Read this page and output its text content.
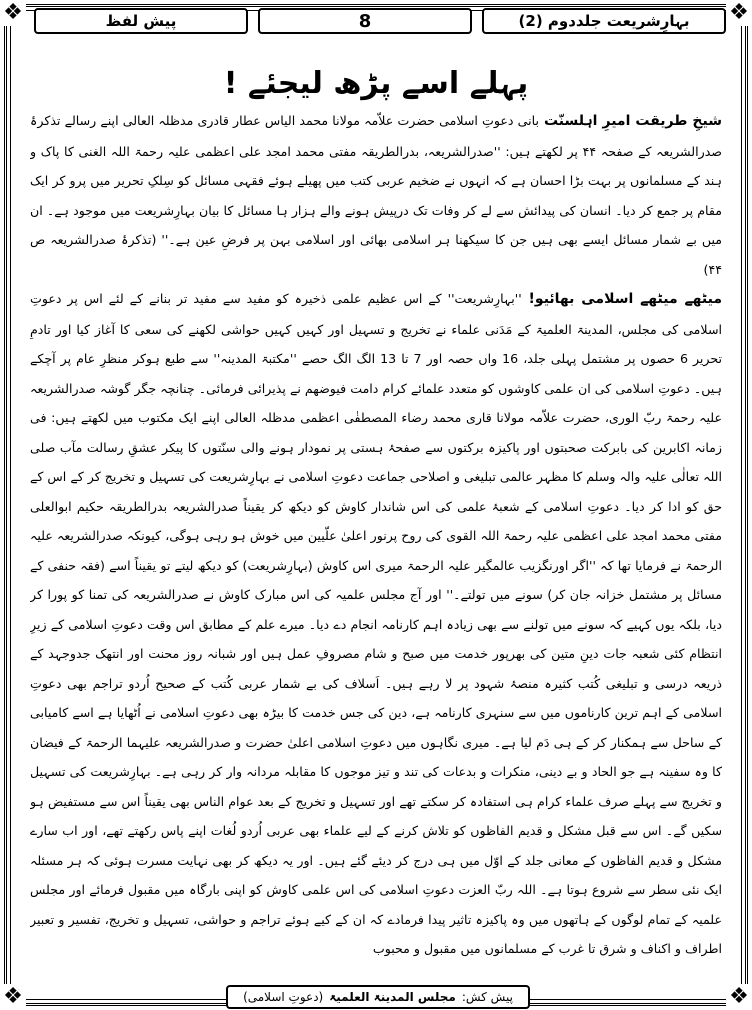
❖	❖
❖	❖
بہارِشریعت جلددوم (2)
8
پیش لفظ
پہلے اسے پڑھ لیجئے !

شیخِ طریقت امیرِ اہلسنّت بانی دعوتِ اسلامی حضرت علاّمہ مولانا محمد الیاس عطار قادری مدظلہ العالی اپنے رسالے تذکرۂ صدرالشریعہ کے صفحہ ۴۴ پر لکھتے ہیں: ''صدرالشریعہ، بدرالطریقہ مفتی محمد امجد علی اعظمی علیہ رحمۃ اللہ الغنی کا پاک و ہند کے مسلمانوں پر بہت بڑا احسان ہے کہ انہوں نے ضخیم عربی کتب میں پھیلے ہوئے فقہی مسائل کو سِلکِ تحریر میں پرو کر ایک مقام پر جمع کر دیا۔ انسان کی پیدائش سے لے کر وفات تک درپیش ہونے والے ہزار ہا مسائل کا بیان بہارِشریعت میں موجود ہے۔ ان میں بے شمار مسائل ایسے بھی ہیں جن کا سیکھنا ہر اسلامی بھائی اور اسلامی بہن پر فرضِ عین ہے۔'' (تذکرۂ صدرالشریعہ ص ۴۴)

میٹھے میٹھے اسلامی بھائیو! ''بہارِشریعت'' کے اس عظیم علمی ذخیرہ کو مفید سے مفید تر بنانے کے لئے اس پر دعوتِ اسلامی کی مجلس، المدینۃ العلمیۃ کے مَدَنی علماء نے تخریج و تسہیل اور کہیں کہیں حواشی لکھنے کی سعی کا آغاز کیا اور تادمِ تحریر 6 حصوں پر مشتمل پہلی جلد، 16 واں حصہ اور 7 تا 13 الگ الگ حصے ''مکتبۃ المدینہ'' سے طبع ہوکر منظرِ عام پر آچکے ہیں۔ دعوتِ اسلامی کی ان علمی کاوشوں کو متعدد علمائے کرام دامت فیوضھم نے پذیرائی فرمائی۔ چنانچہ جگر گوشہ صدرالشریعہ علیہ رحمۃ ربّ الوری، حضرت علاّمہ مولانا قاری محمد رضاء المصطفٰی اعظمی مدظلہ العالی اپنے ایک مکتوب میں لکھتے ہیں: فی زمانہ اکابرین کی بابرکت صحبتوں اور پاکیزہ برکتوں سے صفحۂ ہستی پر نمودار ہونے والی سنّتوں کا پیکر عشقِ رسالت مآب صلی اللہ تعالٰی علیہ والہ وسلم کا مظہر عالمی تبلیغی و اصلاحی جماعت دعوتِ اسلامی نے بہارِشریعت کی تسہیل و تخریج کر کے اس کے حق کو ادا کر دیا۔ دعوتِ اسلامی کے شعبۂ علمی کی اس شاندار کاوش کو دیکھ کر یقیناً صدرالشریعہ بدرالطریقہ حکیم ابوالعلی مفتی محمد امجد علی اعظمی علیہ رحمۃ اللہ القوی کی روح پرنور اعلیٰ علّیین میں خوش ہو رہی ہوگی، کیونکہ صدرالشریعہ علیہ الرحمۃ نے فرمایا تھا کہ ''اگر اورنگزیب عالمگیر علیہ الرحمۃ میری اس کاوش (بہارِشریعت) کو دیکھ لیتے تو یقیناً اسے (فقہ حنفی کے مسائل پر مشتمل خزانہ جان کر) سونے میں تولتے۔'' اور آج مجلس علمیہ کی اس مبارک کاوش نے صدرالشریعہ کی تمنا کو پورا کر دیا، بلکہ یوں کہیے کہ سونے میں تولنے سے بھی زیادہ اہم کارنامہ انجام دے دیا۔ میرے علم کے مطابق اس وقت دعوتِ اسلامی کے زیرِ انتظام کئی شعبہ جات دینِ متین کی بھرپور خدمت میں صبح و شام مصروفِ عمل ہیں اور شبانہ روز محنت اور انتھک جدوجہد کے ذریعہ درسی و تبلیغی کُتب کثیرہ منصۂ شہود پر لا رہے ہیں۔ اَسلاف کی بے شمار عربی کُتب کے صحیح اُردو تراجم بھی دعوتِ اسلامی کے اہم ترین کارناموں میں سے سنہری کارنامہ ہے، دین کی جس خدمت کا بیڑہ بھی دعوتِ اسلامی نے اُٹھایا ہے اسے کامیابی کے ساحل سے ہمکنار کر کے ہی دَم لیا ہے۔ میری نگاہوں میں دعوتِ اسلامی اعلیٰ حضرت و صدرالشریعہ علیہما الرحمۃ کے فیضان کا وہ سفینہ ہے جو الحاد و بے دینی، منکرات و بدعات کی تند و تیز موجوں کا مقابلہ مردانہ وار کر رہی ہے۔ بہارِشریعت کی تسہیل و تخریج سے پہلے صرف علماء کرام ہی استفادہ کر سکتے تھے اور تسہیل و تخریج کے بعد عوام الناس بھی یقیناً اس سے مستفیض ہو سکیں گے۔ اس سے قبل مشکل و قدیم الفاظوں کو تلاش کرنے کے لیے علماء بھی عربی اُردو لُغات اپنے پاس رکھتے تھے، اور اب سارے مشکل و قدیم الفاظوں کے معانی جلد کے اوّل میں ہی درج کر دیئے گئے ہیں۔ اور یہ دیکھ کر بھی نہایت مسرت ہوئی کہ ہر مسئلہ ایک نئی سطر سے شروع ہوتا ہے۔ اللہ ربّ العزت دعوتِ اسلامی کی اس علمی کاوش کو اپنی بارگاہ میں مقبول فرمائے اور مجلس علمیہ کے تمام لوگوں کے ہاتھوں میں وہ پاکیزہ تاثیر پیدا فرمادے کہ ان کے کیے ہوئے تراجم و حواشی، تسہیل و تخریج، تفسیر و تعبیر اطراف و اکناف و شرق تا غرب کے مسلمانوں میں مقبول و محبوب

پیش کش:
مجلس المدینۃ العلمیۃ
(دعوتِ اسلامی)
